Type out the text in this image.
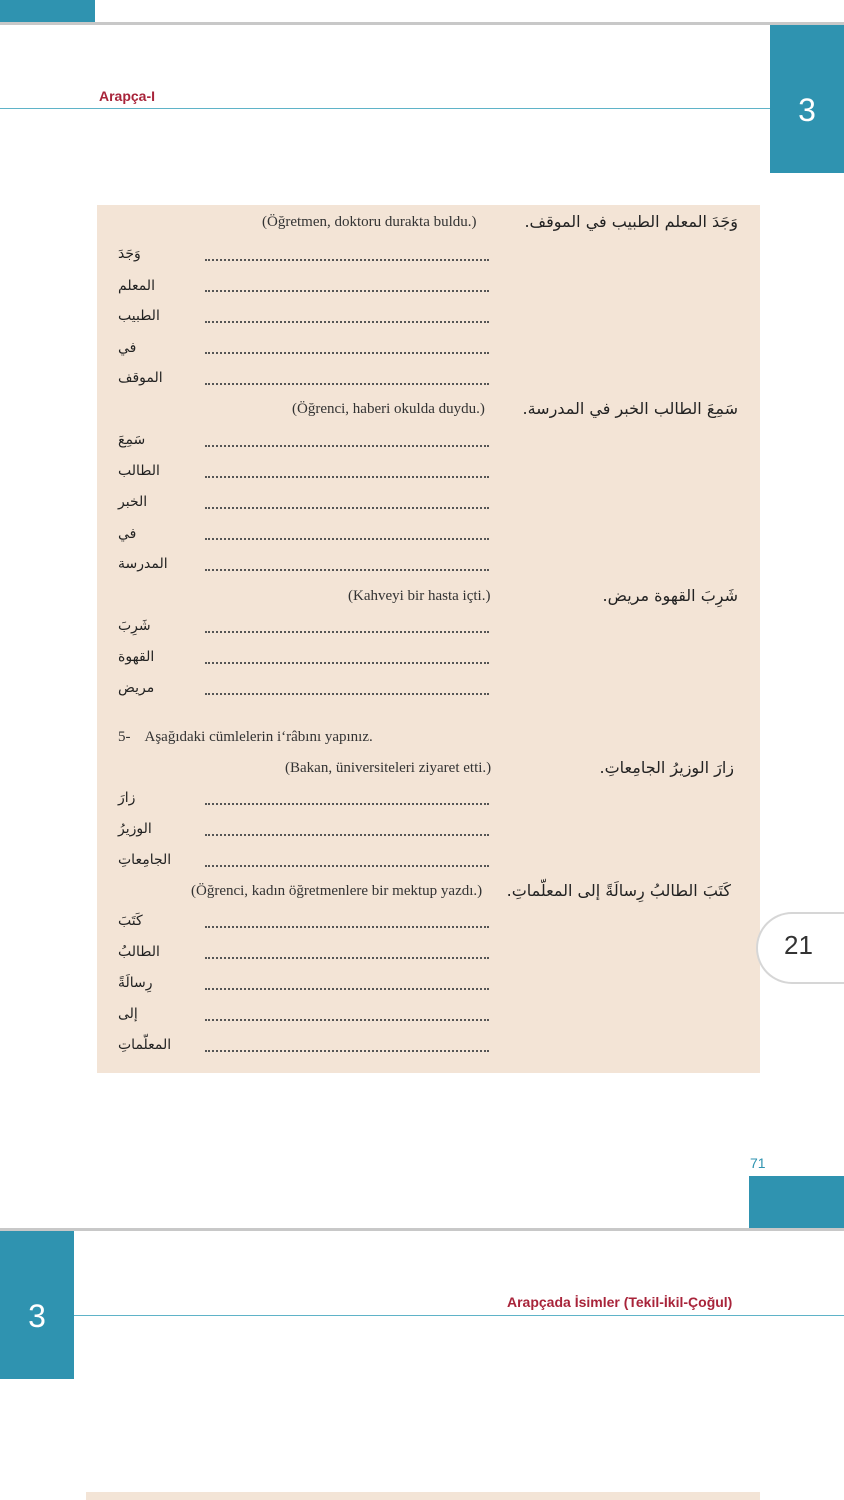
Arapça-I	3
(Öğretmen, doktoru durakta buldu.)	وَجَدَ المعلم الطبيب في الموقف.
وَجَدَ
المعلم
الطبيب
في
الموقف
(Öğrenci, haberi okulda duydu.) سَمِعَ الطالب الخبر في المدرسة.
سَمِعَ
الطالب
الخبر
في
المدرسة
(Kahveyi bir hasta içti.)	شَرِبَ القهوة مريض.
شَرِبَ
القهوة
مريض
5- Aşağıdaki cümlelerin i‘râbını yapınız.
(Bakan, üniversiteleri ziyaret etti.)	زارَ الوزيرُ الجامِعاتِ.
زارَ
الوزيرُ
الجامِعاتِ
(Öğrenci, kadın öğretmenlere bir mektup yazdı.) كَتَبَ الطالبُ رِسالَةً إلى المعلّماتِ.
كَتَبَ
الطالبُ
رِسالَةً
إلى
المعلّماتِ
21
71
3	Arapçada İsimler (Tekil-İkil-Çoğul)
